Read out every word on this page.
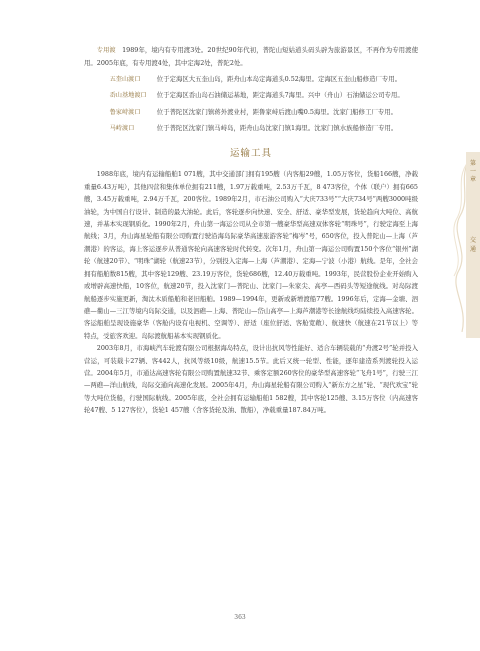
专用渡　 1989年，境内有专用渡3处。20世纪90年代初，普陀山短姑道头码头辟为旅游景区，不再作为专用渡使用。2005年底，有专用渡4处，其中定海2处，普陀2处。

五奎山渡口	位于定海区大五奎山岛，距舟山本岛定海道头0.52海里。定海区五奎山船修造厂专用。

岙山基地渡口 位于定海区岙山岛石油储运基地，距定海道头7海里。兴中（舟山）石油储运公司专用。

鲁家峙渡口	位于普陀区沈家门镇蒋外渡业村，距鲁家峙后渡山嘴0.5海里。沈家门船修工厂专用。

马峙渡口	位于普陀区沈家门镇马峙岛，距舟山岛沈家门镇1海里。沈家门镇水族船修造厂专用。

运输工具

1988年底，境内有运输船舶1 071艘，其中交通部门拥有195艘（内客船29艘，1.05万客位，货船166艘，净载重量6.43万吨），其他四营和集体单位拥有211艘，1.97万载重吨，2.53万千瓦，8 473客位，个体（联户）拥有665艘，3.45万载重吨，2.94万千瓦，200客位。1989年2月，市石油公司购入“大庆733号”“大庆734号”两艘3000吨级油轮，为中国自行设计、制造的最大油轮。此后，客轮逐步向快速、安全、舒适、豪华型发展，货轮趋向大吨位、高航速，并基本实现钢质化。1990年2月，舟山第一海运公司从全市第一艘豪华型高速双体客轮“明珠号”，行驶定海至上海航线；3月，舟山海星轮船有限公司购置行驶沿海岛际豪华高速旅游客轮“梅岑”号，650客位，投入普陀山—上海（芦潮港）的客运，海上客运逐步从普通客轮向高速客轮时代转变。次年1月，舟山第一海运公司购置150个客位“银州”湖轮（航速20节）、“明珠”湖轮（航速23节），分别投入定海—上海（芦潮港）、定海—宁波（小港）航线。是年，全社会拥有船舶数815艘，其中客轮129艘、23.19万客位，货轮686艘，12.40万载重吨。1993年，民营股份企业开始购入或增辟高速快船，10客位，航速20节，投入沈家门—普陀山、沈家门—朱家尖、高亭—西码头等短途航线。对岛际渡航船逐步实施更新，淘汰木质船舶和老旧船舶。1989—1994年，更新或新增渡船77艘。1996年后，定海—金塘、泗礁—衢山—三江等境内岛际交通，以及泗礁—上海、普陀山—岱山高亭—上海芦潮港等长途航线均陆续投入高速客轮。客运船舶呈现设施豪华（客舱内设有电视机、空调等）、舒适（座位舒适、客舱宽敞）、航速快（航速在21节以上）等特点，受旅客欢迎。岛际渡航船基本实现钢质化。

2003年8月，市海峡汽车轮渡有限公司根据海岛特点，设计出抗风等性能好、适合车辆装载的“舟渡2号”轮并投入营运，可装载卡27辆、客442人，抗风等级10级，航速15.5节。此后又统一轮型、性能，逐年建造系列渡轮投入运营。2004年5月，市通达高速客轮有限公司购置航速32节、乘客定额260客位的豪华型高速客轮“飞舟1号”，行驶三江—两礁—洋山航线，岛际交通向高速化发展。2005年4月，舟山海星轮船有限公司购入“新东方之星”轮、“现代欢宝”轮等大吨位货船，行驶国际航线。2005年底，全社会拥有运输船舶1 582艘，其中客轮125艘、3.15万客位（内高速客轮47艘、5 127客位），货轮1 457艘（含客货轮及油、散船），净载重量187.84万吨。

第一章
交通
363
